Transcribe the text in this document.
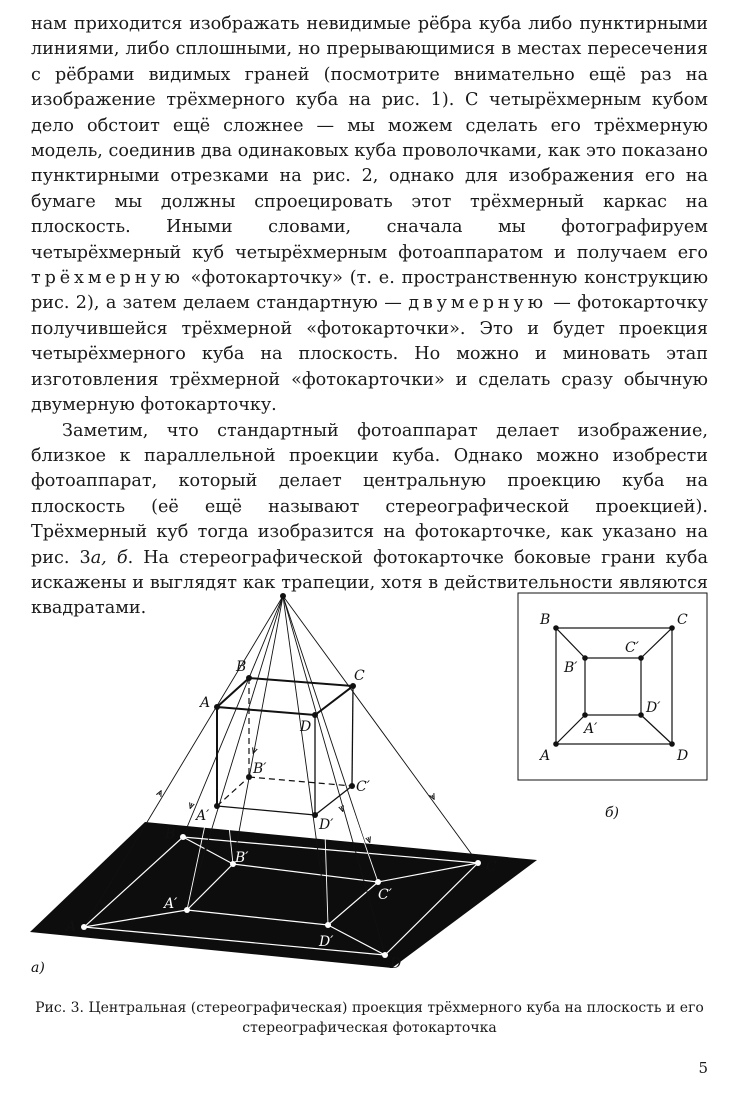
нам приходится изображать невидимые рёбра куба либо пунктирными линиями, либо сплошными, но прерывающимися в местах пересечения с рёбрами видимых граней (посмотрите внимательно ещё раз на изображение трёхмерного куба на рис. 1). С четырёхмерным кубом дело обстоит ещё сложнее — мы можем сделать его трёхмерную модель, соединив два одинаковых куба проволочками, как это показано пунктирными отрезками на рис. 2, однако для изображения его на бумаге мы должны спроецировать этот трёхмерный каркас на плоскость. Иными словами, сначала мы фотографируем четырёхмерный куб четырёхмерным фотоаппаратом и получаем его трёхмерную «фотокарточку» (т. е. пространственную конструкцию рис. 2), а затем делаем стандартную — двумерную — фотокарточку получившейся трёхмерной «фотокарточки». Это и будет проекция четырёхмерного куба на плоскость. Но можно и миновать этап изготовления трёхмерной «фотокарточки» и сделать сразу обычную двумерную фотокарточку.

Заметим, что стандартный фотоаппарат делает изображение, близкое к параллельной проекции куба. Однако можно изобрести фотоаппарат, который делает центральную проекцию куба на плоскость (её ещё называют стереографической проекцией). Трёхмерный куб тогда изобразится на фотокарточке, как указано на рис. 3а, б. На стереографической фотокарточке боковые грани куба искажены и выглядят как трапеции, хотя в действительности являются квадратами.

A
B
C
D
A′
B′
C′
D′
A
B
C
D
A′
B′
C′
D′
а)
B	C
A	D
C′
B′
D′
A′
б)
Рис. 3. Центральная (стереографическая) проекция трёхмерного куба на плоскость и его стереографическая фотокарточка
5
